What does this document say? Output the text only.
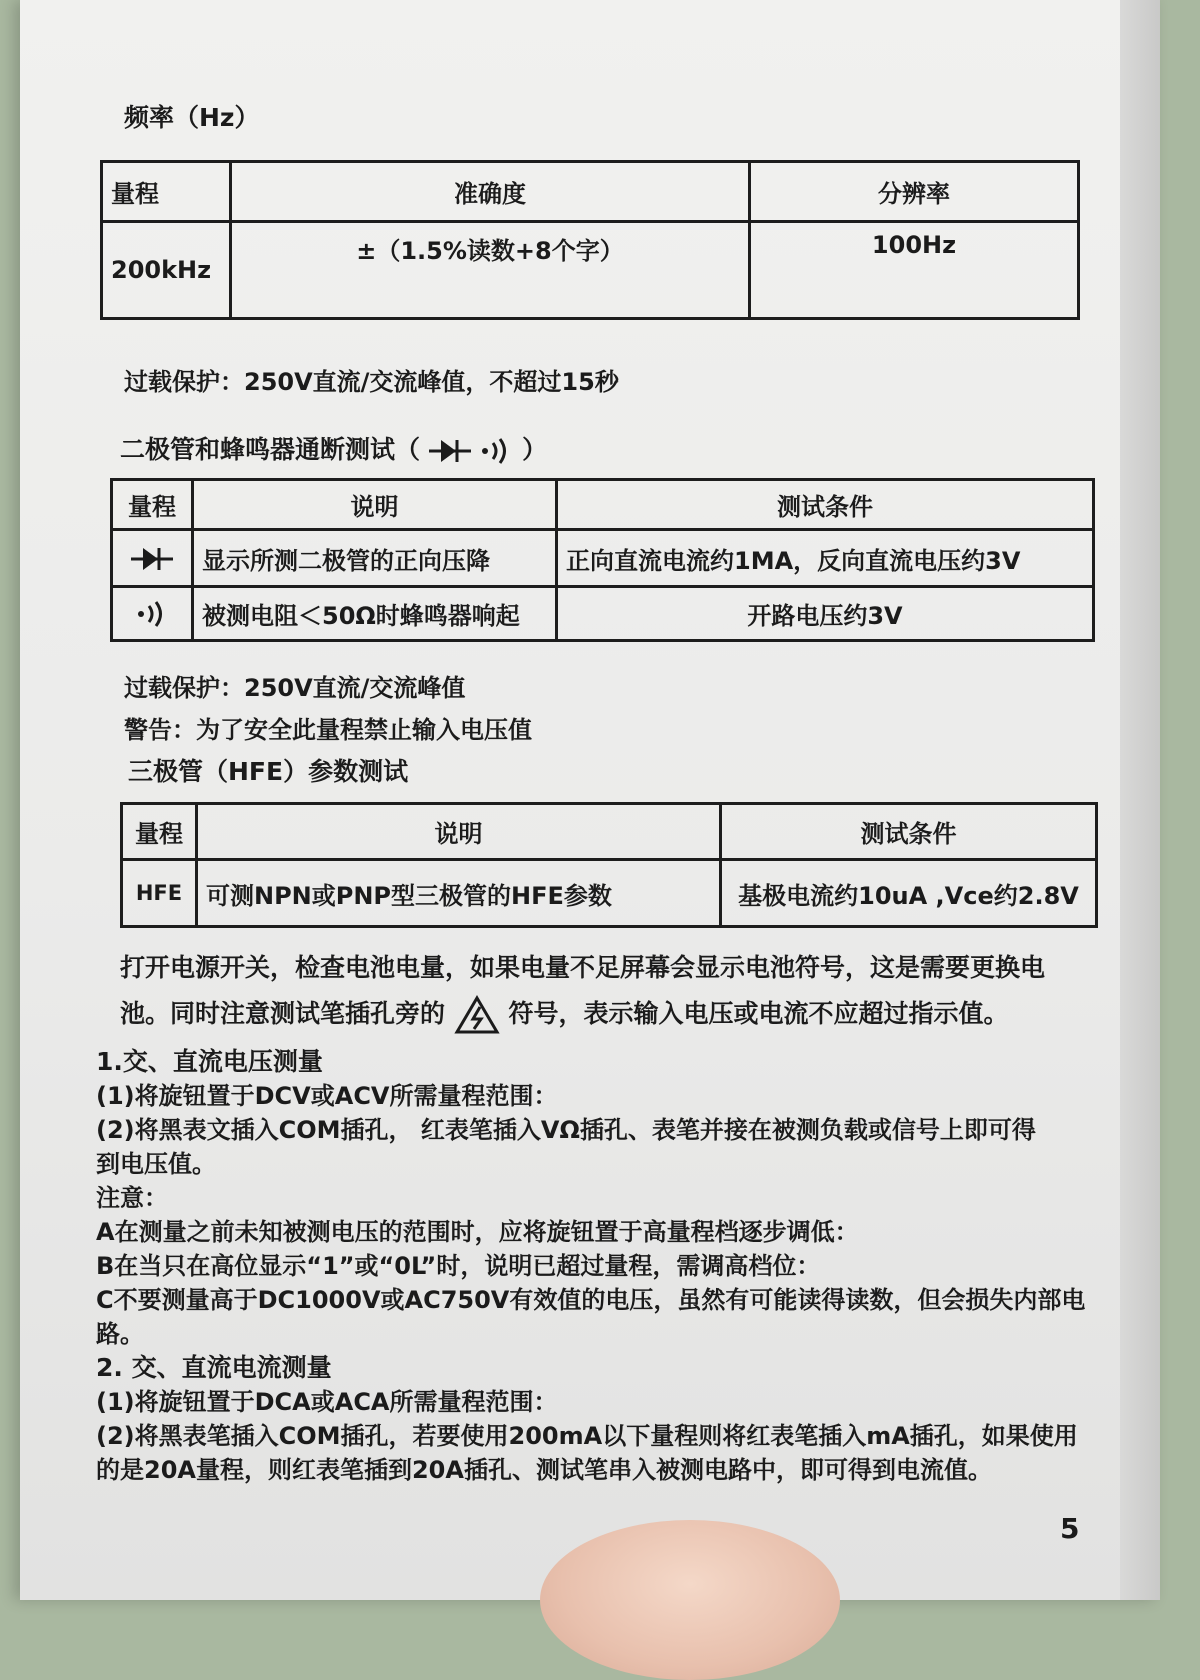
频率（Hz）
量程	准确度	分辨率
200kHz	±（1.5%读数+8个字）	100Hz
过载保护：250V直流/交流峰值，不超过15秒
二极管和蜂鸣器通断测试（	）
量程	说明	测试条件
	显示所测二极管的正向压降	正向直流电流约1MA，反向直流电压约3V
	被测电阻＜50Ω时蜂鸣器响起	开路电压约3V
过载保护：250V直流/交流峰值
警告：为了安全此量程禁止输入电压值
三极管（HFE）参数测试
量程	说明	测试条件
HFE	可测NPN或PNP型三极管的HFE参数	基极电流约10uA ,Vce约2.8V
打开电源开关，检查电池电量，如果电量不足屏幕会显示电池符号，这是需要更换电
池。同时注意测试笔插孔旁的	符号，表示输入电压或电流不应超过指示值。
1.交、直流电压测量
(1)将旋钮置于DCV或ACV所需量程范围：
(2)将黑表文插入COM插孔， 红表笔插入VΩ插孔、表笔并接在被测负载或信号上即可得
到电压值。
注意：
A在测量之前未知被测电压的范围时，应将旋钮置于高量程档逐步调低：
B在当只在高位显示“1”或“0L”时，说明已超过量程，需调高档位：
C不要测量高于DC1000V或AC750V有效值的电压，虽然有可能读得读数，但会损失内部电
路。
2. 交、直流电流测量
(1)将旋钮置于DCA或ACA所需量程范围：
(2)将黑表笔插入COM插孔，若要使用200mA以下量程则将红表笔插入mA插孔，如果使用
的是20A量程，则红表笔插到20A插孔、测试笔串入被测电路中，即可得到电流值。
5
